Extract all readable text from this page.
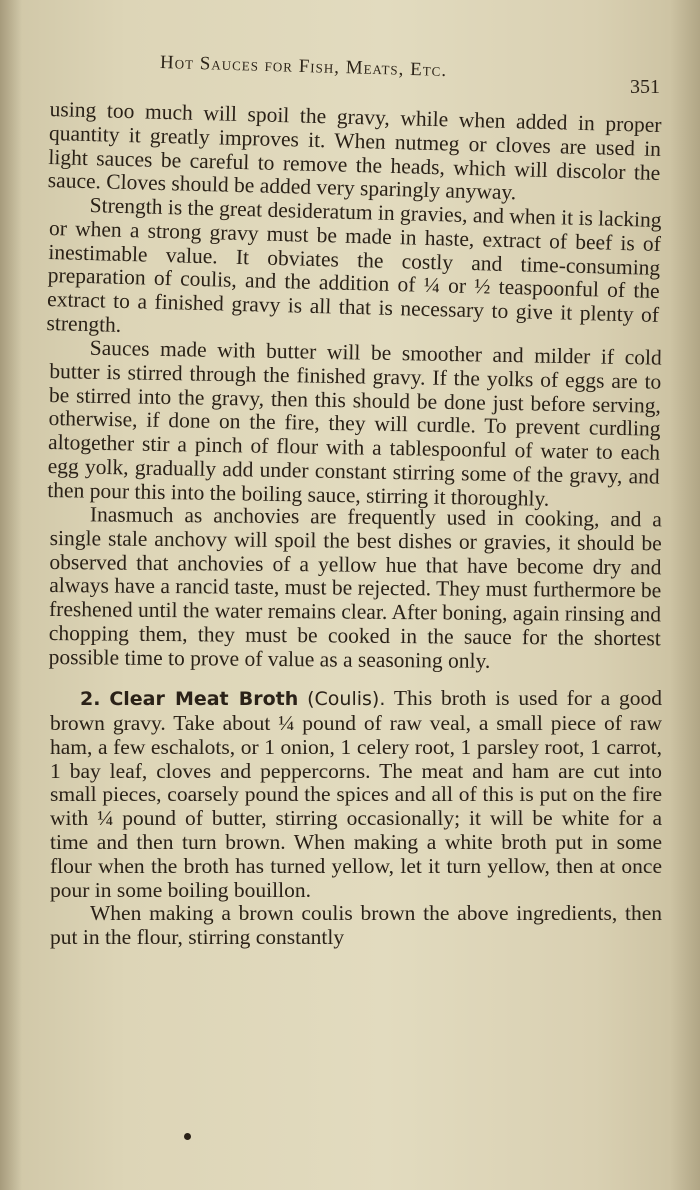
Hot Sauces for Fish, Meats, Etc.
351

using too much will spoil the gravy, while when added in proper quantity it greatly improves it. When nutmeg or cloves are used in light sauces be careful to remove the heads, which will discolor the sauce. Cloves should be added very sparingly anyway.

Strength is the great desideratum in gravies, and when it is lacking or when a strong gravy must be made in haste, extract of beef is of inestimable value. It obviates the costly and time-consuming preparation of coulis, and the addition of ¼ or ½ teaspoonful of the extract to a finished gravy is all that is necessary to give it plenty of strength.

Sauces made with butter will be smoother and milder if cold butter is stirred through the finished gravy. If the yolks of eggs are to be stirred into the gravy, then this should be done just before serving, otherwise, if done on the fire, they will curdle. To prevent curdling altogether stir a pinch of flour with a tablespoonful of water to each egg yolk, gradually add under constant stirring some of the gravy, and then pour this into the boiling sauce, stirring it thoroughly.

Inasmuch as anchovies are frequently used in cooking, and a single stale anchovy will spoil the best dishes or gravies, it should be observed that anchovies of a yellow hue that have become dry and always have a rancid taste, must be rejected. They must furthermore be freshened until the water remains clear. After boning, again rinsing and chopping them, they must be cooked in the sauce for the shortest possible time to prove of value as a seasoning only.

2. Clear Meat Broth (Coulis). This broth is used for a good brown gravy. Take about ¼ pound of raw veal, a small piece of raw ham, a few eschalots, or 1 onion, 1 celery root, 1 parsley root, 1 carrot, 1 bay leaf, cloves and peppercorns. The meat and ham are cut into small pieces, coarsely pound the spices and all of this is put on the fire with ¼ pound of butter, stirring occasionally; it will be white for a time and then turn brown. When making a white broth put in some flour when the broth has turned yellow, let it turn yellow, then at once pour in some boiling bouillon.

When making a brown coulis brown the above ingredients, then put in the flour, stirring constantly
